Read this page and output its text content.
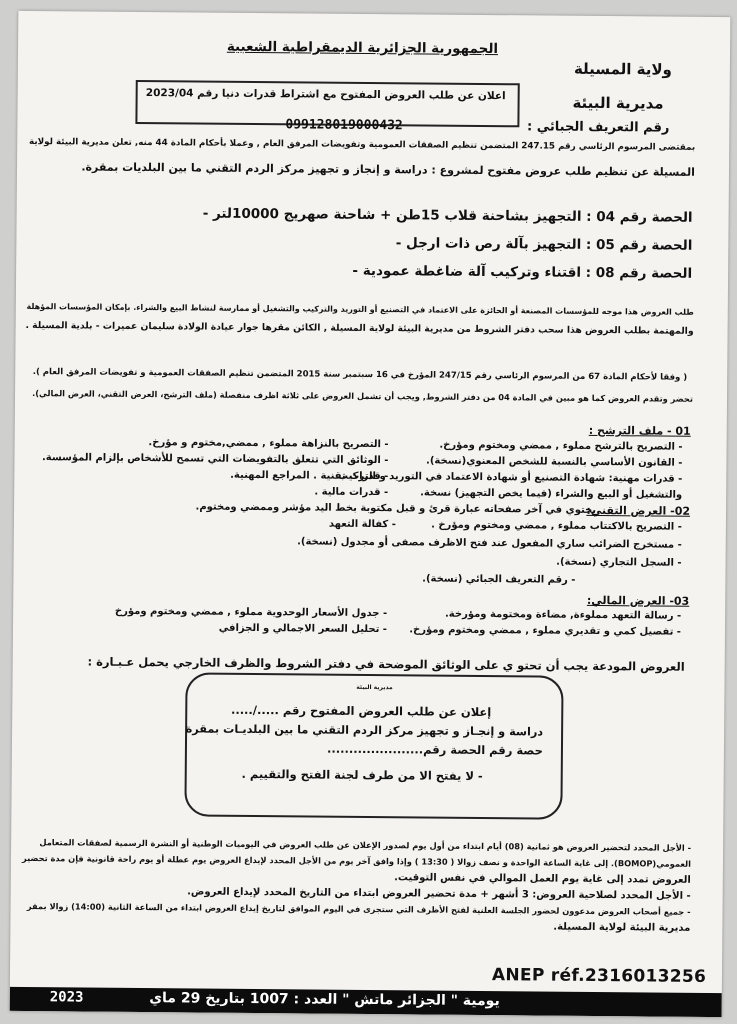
الجمهورية الجزائرية الديمقراطية الشعبية
ولاية المسيلة
مديرية البيئة
اعلان عن طلب العروض المفتوح مع اشتراط قدرات دنيا رقم 2023/04
رقم التعريف الجبائي :
099128019000432
بمقتضى المرسوم الرئاسي رقم 247.15 المتضمن تنظيم الصفقات العمومية وتفويضات المرفق العام , وعملا بأحكام المادة 44 منه, تعلن مديرية البيئة لولاية
المسيلة عن تنظيم طلب عروض مفتوح لمشروع : دراسة و إنجاز و تجهيز مركز الردم التقني ما بين البلديات بمقرة.
الحصة رقم 04 : التجهيز بشاحنة قلاب 15طن + شاحنة صهريج 10000لتر -
الحصة رقم 05 : التجهيز بآلة رص ذات ارجل -
الحصة رقم 08 : اقتناء وتركيب آلة ضاغطة عمودية -
طلب العروض هذا موجه للمؤسسات المصنعة أو الحائزة على الاعتماد في التصنيع أو التوريد والتركيب والتشغيل أو ممارسة لنشاط البيع والشراء. بإمكان المؤسسات المؤهلة
والمهتمة بطلب العروض هذا سحب دفتر الشروط من مديرية البيئة لولاية المسيلة , الكائن مقرها جوار عيادة الولادة سليمان عميرات - بلدية المسيلة .
( وفقا لأحكام المادة 67 من المرسوم الرئاسي رقم 247/15 المؤرخ في 16 سبتمبر سنة 2015 المتضمن تنظيم الصفقات العمومية و تفويضات المرفق العام ).
تحضر وتقدم العروض كما هو مبين في المادة 04 من دفتر الشروط, ويجب أن تشمل العروض على ثلاثة اظرف منفصلة (ملف الترشح، العرض التقني، العرض المالي).
01 - ملف الترشح :
- التصريح بالترشح مملوء , ممضي ومختوم ومؤرخ.
- القانون الأساسي بالنسبة للشخص المعنوي(نسخة).
- قدرات مهنية: شهادة التصنيع أو شهادة الاعتماد في التوريد و التركيب
والتشغيل أو البيع والشراء (فيما يخص التجهيز) نسخة.
- التصريح بالنزاهة مملوء , ممضي,مختوم و مؤرخ.
- الوثائق التي تتعلق بالتفويضات التي تسمح للأشخاص بإلزام المؤسسة.
- قدرات تقنية . المراجع المهنية.
- قدرات مالية .
02- العرض التقني:
يحتوي في آخر صفحاته عبارة قرئ و قبل مكتوبة بخط اليد مؤشر وممضي ومختوم.
- التصريح بالاكتتاب مملوء , ممضي ومختوم ومؤرخ .
- مستخرج الضرائب ساري المفعول عند فتح الاظرف مصفى أو مجدول (نسخة).
- السجل التجاري (نسخة).
- رقم التعريف الجبائي (نسخة).
- كفالة التعهد
03- العرض المالي:
- رسالة التعهد مملوءة, مضاءة ومختومة ومؤرخة.
- تفصيل كمي و تقديري مملوء , ممضي ومختوم ومؤرخ.
- جدول الأسعار الوحدوية مملوء , ممضي ومختوم ومؤرخ
- تحليل السعر الاجمالي و الجزافي
العروض المودعة يجب أن تحتو ي على الوثائق الموضحة في دفتر الشروط والظرف الخارجي يحمل عـبـارة :
مديرية البيئة
إعلان عن طلب العروض المفتوح رقم ...../.....
دراسة و إنجـاز و تجهيز مركز الردم التقني ما بين البلديـات بمقرة
حصة رقم الحصة رقم......................
- لا يفتح الا من طرف لجنة الفتح والتقييم .
- الأجل المحدد لتحضير العروض هو ثمانية (08) أيام ابتداء من أول يوم لصدور الإعلان عن طلب العروض في اليوميات الوطنية أو النشرة الرسمية لصفقات المتعامل
العمومي(BOMOP). إلى غاية الساعة الواحدة و نصف زوالا ( 13:30 ) وإذا وافق آخر يوم من الأجل المحدد لإيداع العروض يوم عطلة أو يوم راحة قانونية فإن مدة تحضير
العروض تمدد إلى غاية يوم العمل الموالي في نفس التوقيت.
- الأجل المحدد لصلاحية العروض: 3 أشهر + مدة تحضير العروض ابتداء من التاريخ المحدد لإيداع العروض.
- جميع أصحاب العروض مدعوون لحضور الجلسة العلنية لفتح الأظرف التي ستجرى في اليوم الموافق لتاريخ إيداع العروض ابتداء من الساعة الثانية (14:00) زوالا بمقر
مديرية البيئة لولاية المسيلة.
ANEP réf.2316013256
يومية " الجزائر ماتش " العدد : 1007 بتاريخ 29 ماي
2023
